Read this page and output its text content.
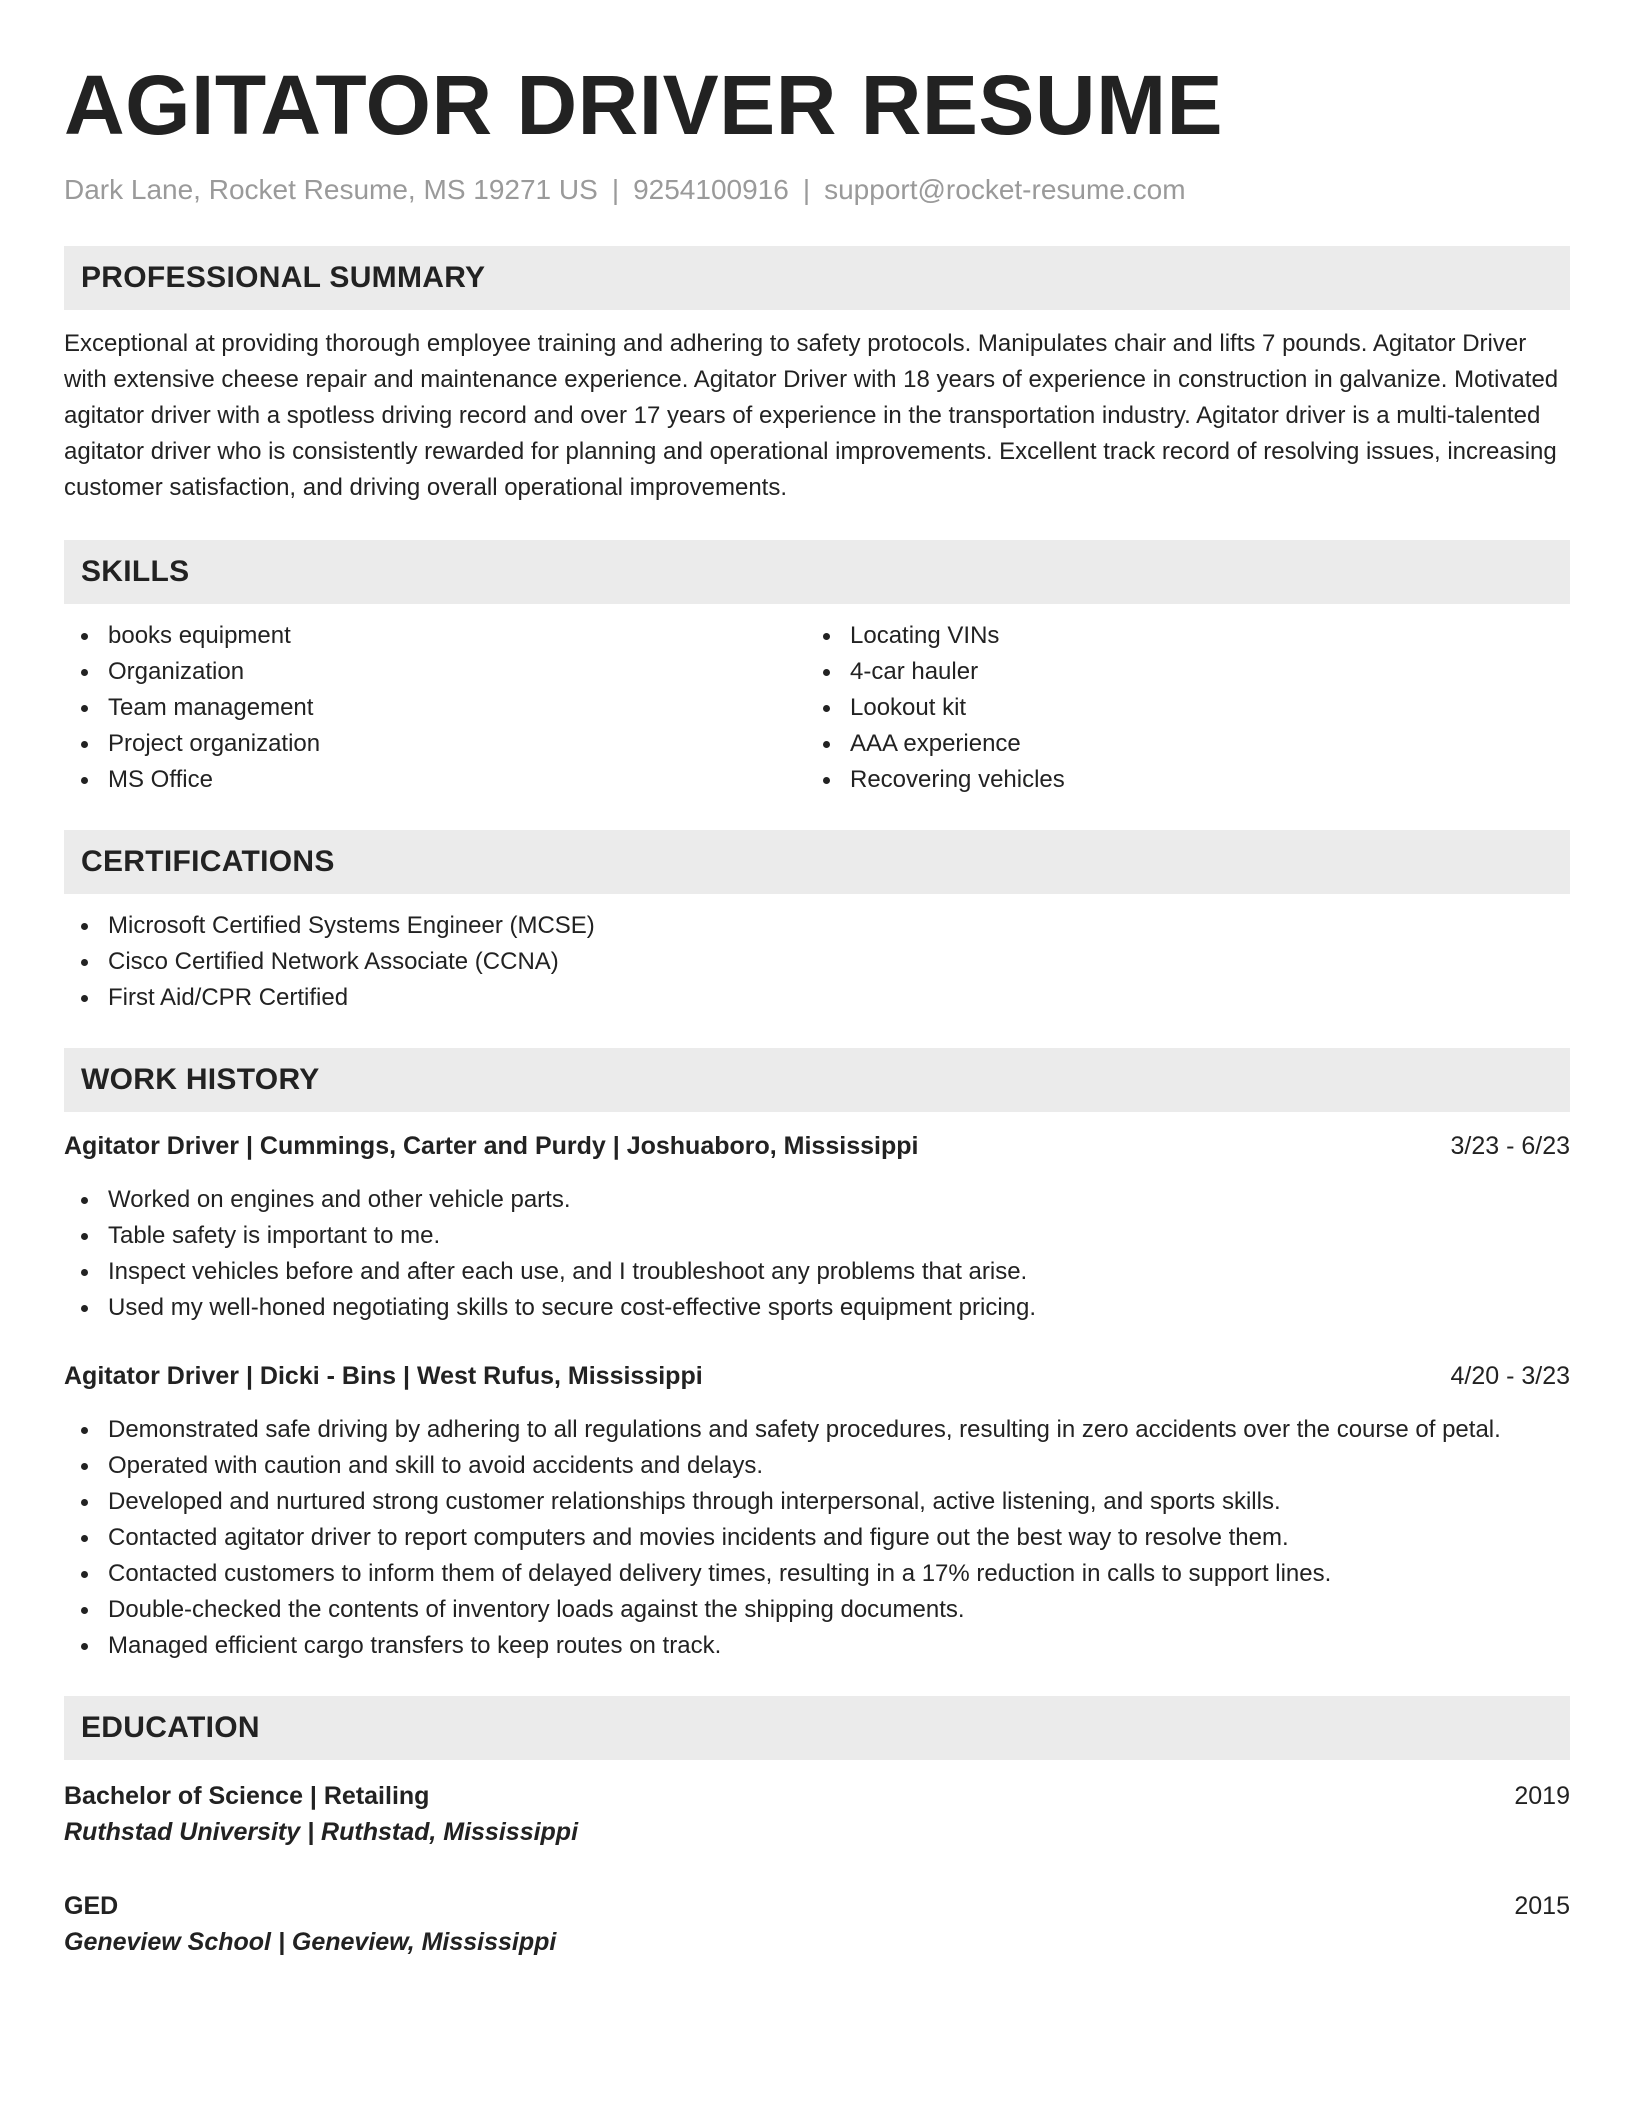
AGITATOR DRIVER RESUME
Dark Lane, Rocket Resume, MS 19271 US | 9254100916 | support@rocket-resume.com
PROFESSIONAL SUMMARY

Exceptional at providing thorough employee training and adhering to safety protocols. Manipulates chair and lifts 7 pounds. Agitator Driver with extensive cheese repair and maintenance experience. Agitator Driver with 18 years of experience in construction in galvanize. Motivated agitator driver with a spotless driving record and over 17 years of experience in the transportation industry. Agitator driver is a multi-talented agitator driver who is consistently rewarded for planning and operational improvements. Excellent track record of resolving issues, increasing customer satisfaction, and driving overall operational improvements.

SKILLS
books equipment
Organization
Team management
Project organization
MS Office
Locating VINs
4-car hauler
Lookout kit
AAA experience
Recovering vehicles
CERTIFICATIONS
Microsoft Certified Systems Engineer (MCSE)
Cisco Certified Network Associate (CCNA)
First Aid/CPR Certified
WORK HISTORY
Agitator Driver | Cummings, Carter and Purdy | Joshuaboro, Mississippi	3/23 - 6/23
Worked on engines and other vehicle parts.
Table safety is important to me.
Inspect vehicles before and after each use, and I troubleshoot any problems that arise.
Used my well-honed negotiating skills to secure cost-effective sports equipment pricing.
Agitator Driver | Dicki - Bins | West Rufus, Mississippi	4/20 - 3/23
Demonstrated safe driving by adhering to all regulations and safety procedures, resulting in zero accidents over the course of petal.
Operated with caution and skill to avoid accidents and delays.
Developed and nurtured strong customer relationships through interpersonal, active listening, and sports skills.
Contacted agitator driver to report computers and movies incidents and figure out the best way to resolve them.
Contacted customers to inform them of delayed delivery times, resulting in a 17% reduction in calls to support lines.
Double-checked the contents of inventory loads against the shipping documents.
Managed efficient cargo transfers to keep routes on track.
EDUCATION
Bachelor of Science | Retailing	2019
Ruthstad University | Ruthstad, Mississippi
GED	2015
Geneview School | Geneview, Mississippi
